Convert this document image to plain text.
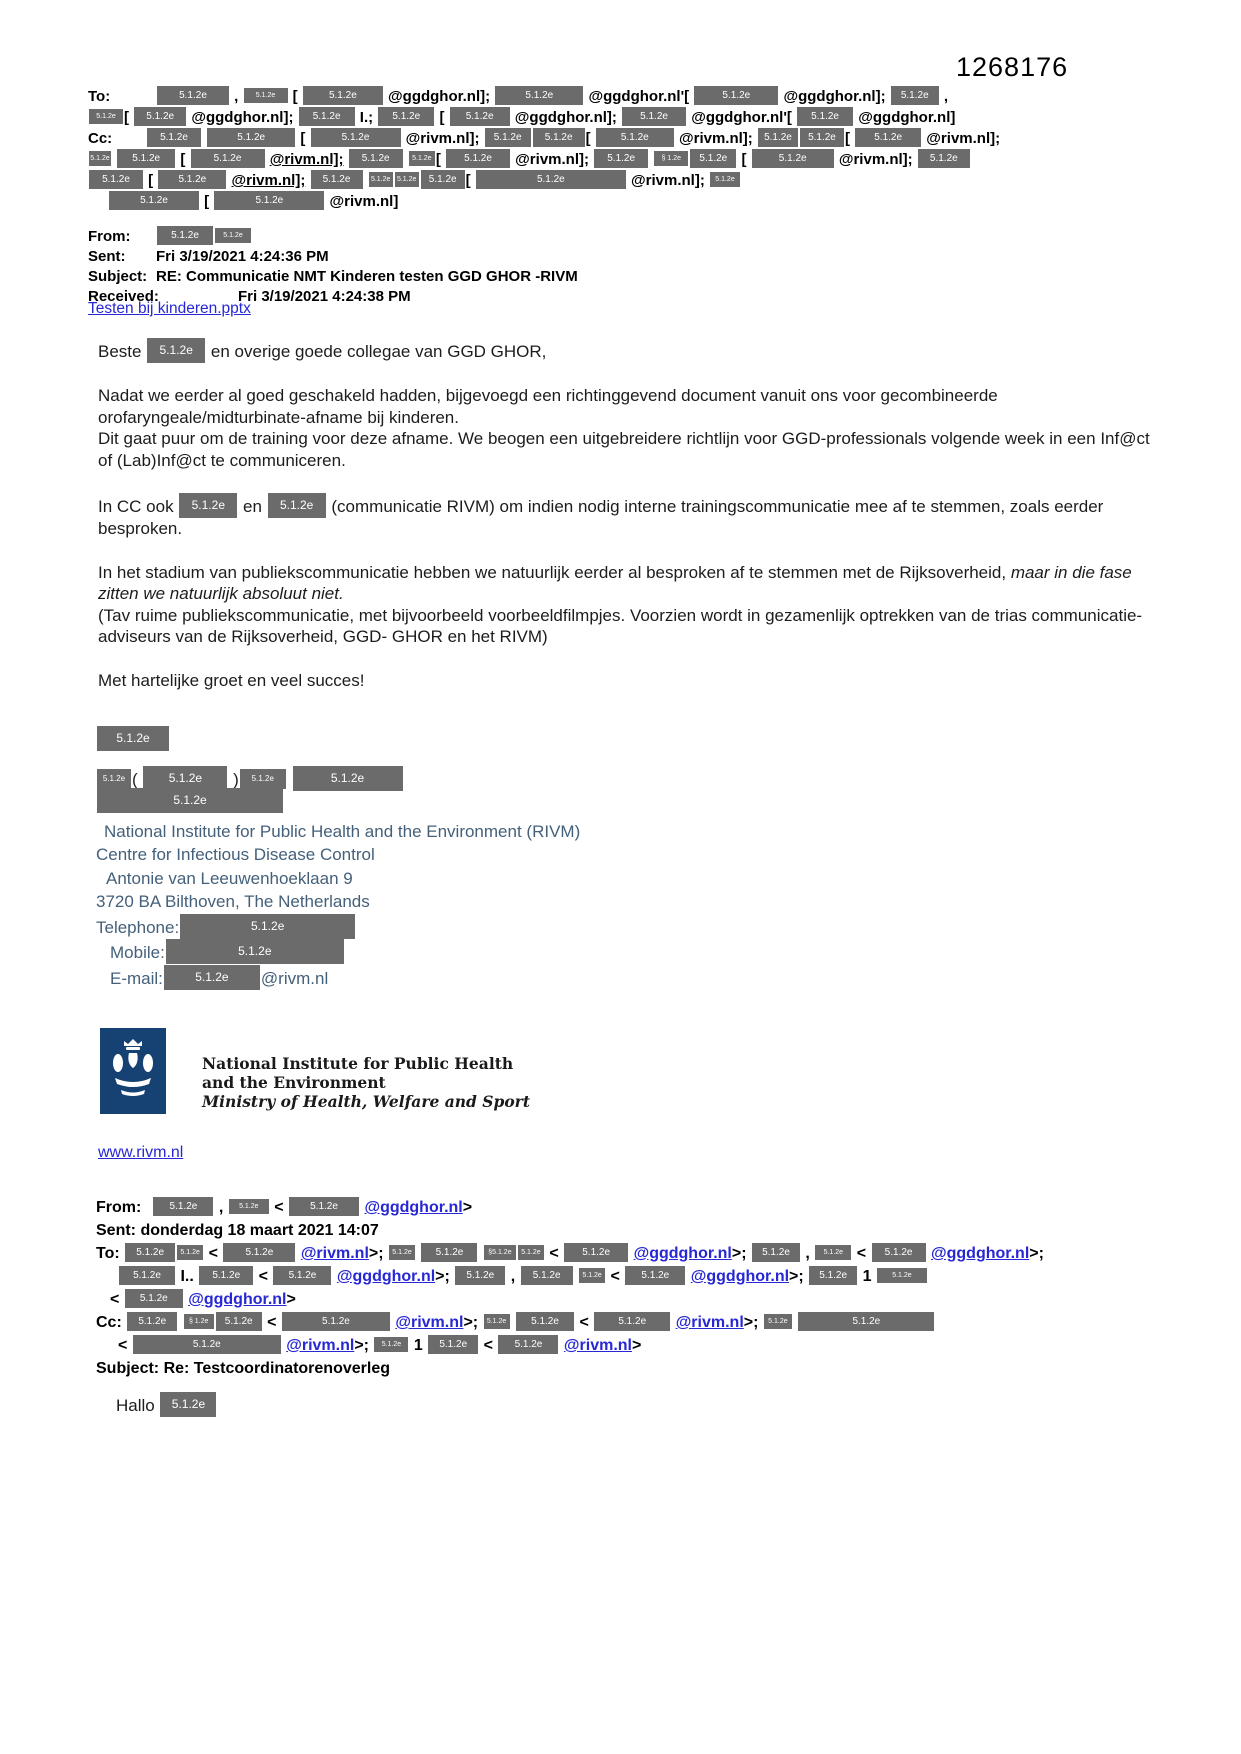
1268176
To:	5.1.2e , 5.1.2e [	5.1.2e @ggdghor.nl];	5.1.2e @ggdghor.nl'[	5.1.2e @ggdghor.nl]; 5.1.2e ,
5.1.2e [ 5.1.2e @ggdghor.nl]; 5.1.2e I.; 5.1.2e [ 5.1.2e @ggdghor.nl]; 5.1.2e @ggdghor.nl'[ 5.1.2e @ggdghor.nl]
Cc:	5.1.2e	5.1.2e [	5.1.2e @rivm.nl]; 5.1.2e 5.1.2e [	5.1.2e @rivm.nl]; 5.1.2e 5.1.2e [ 5.1.2e @rivm.nl];
5.1.2e 5.1.2e [ 5.1.2e @rivm.nl]; 5.1.2e	5.1.2e [ 5.1.2e @rivm.nl]; 5.1.2e	§ 1.2e 5.1.2e [	5.1.2e @rivm.nl]; 5.1.2e
5.1.2e [ 5.1.2e @rivm.nl]; 5.1.2e	5.1.2e 5.1.2e 5.1.2e [	5.1.2e	@rivm.nl]; 5.1.2e
5.1.2e [	5.1.2e	@rivm.nl]
From:	5.1.2e	5.1.2e
Sent: Fri 3/19/2021 4:24:36 PM
Subject: RE: Communicatie NMT Kinderen testen GGD GHOR -RIVM
Received:	Fri 3/19/2021 4:24:38 PM
Testen bij kinderen.pptx
Beste 5.1.2e en overige goede collegae van GGD GHOR,
Nadat we eerder al goed geschakeld hadden, bijgevoegd een richtinggevend document vanuit ons voor gecombineerde orofaryngeale/midturbinate-afname bij kinderen.
Dit gaat puur om de training voor deze afname. We beogen een uitgebreidere richtlijn voor GGD-professionals volgende week in een Inf@ct of (Lab)Inf@ct te communiceren.
In CC ook 5.1.2e en 5.1.2e (communicatie RIVM) om indien nodig interne trainingscommunicatie mee af te stemmen, zoals eerder besproken.
In het stadium van publiekscommunicatie hebben we natuurlijk eerder al besproken af te stemmen met de Rijksoverheid, maar in die fase zitten we natuurlijk absoluut niet.
(Tav ruime publiekscommunicatie, met bijvoorbeeld voorbeeldfilmpjes. Voorzien wordt in gezamenlijk optrekken van de trias communicatie-adviseurs van de Rijksoverheid, GGD- GHOR en het RIVM)
Met hartelijke groet en veel succes!
5.1.2e
5.1.2e ( 5.1.2e ) 5.1.2e	5.1.2e
5.1.2e
National Institute for Public Health and the Environment (RIVM)
Centre for Infectious Disease Control
Antonie van Leeuwenhoeklaan 9
3720 BA Bilthoven, The Netherlands
Telephone:	5.1.2e
Mobile:	5.1.2e
E-mail:	5.1.2e @rivm.nl
National Institute for Public Health
and the Environment
Ministry of Health, Welfare and Sport
www.rivm.nl
From:	5.1.2e , 5.1.2e < 5.1.2e @ggdghor.nl>
Sent: donderdag 18 maart 2021 14:07
To: 5.1.2e 5.1.2e < 5.1.2e @rivm.nl>; 5.1.2e 5.1.2e	§5.1.2e 5.1.2e < 5.1.2e @ggdghor.nl>; 5.1.2e , 5.1.2e < 5.1.2e @ggdghor.nl>;
5.1.2e I.. 5.1.2e < 5.1.2e @ggdghor.nl>; 5.1.2e , 5.1.2e	5.1.2e < 5.1.2e @ggdghor.nl>; 5.1.2e 1 5.1.2e
< 5.1.2e @ggdghor.nl>
Cc: 5.1.2e	§ 1.2e 5.1.2e <	5.1.2e	@rivm.nl>; 5.1.2e 5.1.2e <	5.1.2e @rivm.nl>; 5.1.2e	5.1.2e
<	5.1.2e	@rivm.nl>; 5.1.2e 1 5.1.2e < 5.1.2e @rivm.nl>
Subject: Re: Testcoordinatorenoverleg
Hallo 5.1.2e
